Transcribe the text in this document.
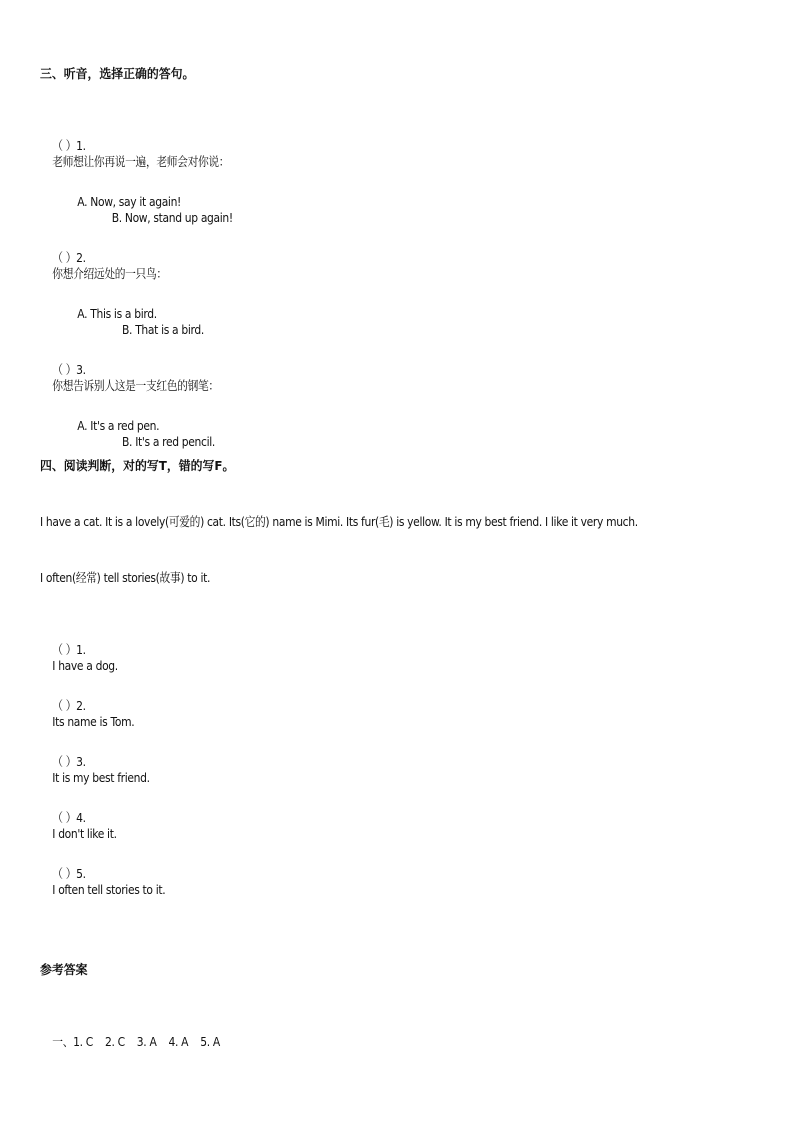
三、听音，选择正确的答句。

（ ）1.
老师想让你再说一遍，老师会对你说：

A. Now, say it again!
B. Now, stand up again!

（ ）2.
你想介绍远处的一只鸟：

A. This is a bird.
B. That is a bird.

（ ）3.
你想告诉别人这是一支红色的钢笔：

A. It's a red pen.
B. It's a red pencil.

四、阅读判断，对的写T，错的写F。
I have a cat. It is a lovely(可爱的) cat. Its(它的) name is Mimi. Its fur(毛) is yellow. It is my best friend. I like it very much.
I often(经常) tell stories(故事) to it.

（ ）1.
I have a dog.

（ ）2.
Its name is Tom.

（ ）3.
It is my best friend.

（ ）4.
I don't like it.

（ ）5.
I often tell stories to it.

参考答案

一、1. C 2. C 3. A 4. A 5. A
